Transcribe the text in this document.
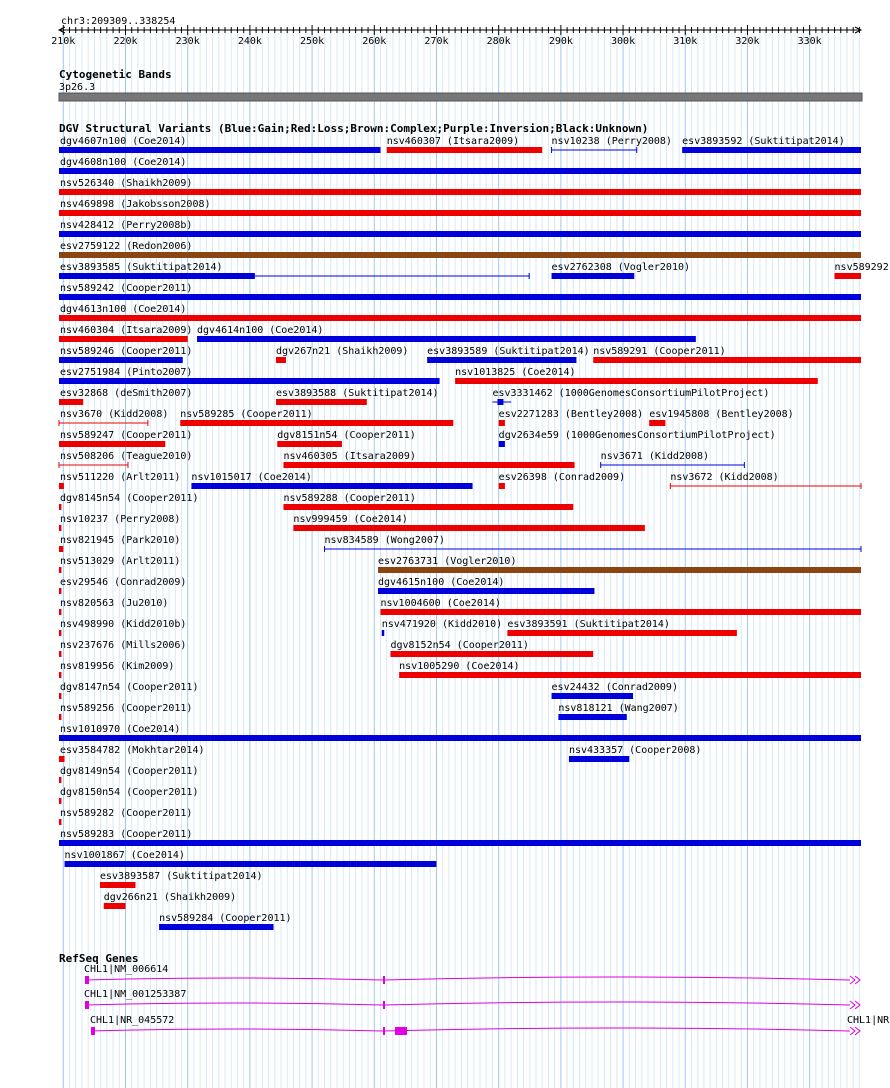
chr3:209309..338254
210k	220k	230k	240k	250k	260k	270k	280k	290k	300k	310k	320k	330k
Cytogenetic Bands
3p26.3
DGV Structural Variants (Blue:Gain;Red:Loss;Brown:Complex;Purple:Inversion;Black:Unknown)
dgv4607n100 (Coe2014)	nsv460307 (Itsara2009)	nsv10238 (Perry2008) esv3893592 (Suktitipat2014)
dgv4608n100 (Coe2014)
nsv526340 (Shaikh2009)
nsv469898 (Jakobsson2008)
nsv428412 (Perry2008b)
esv2759122 (Redon2006)
esv3893585 (Suktitipat2014)	esv2762308 (Vogler2010)	nsv589292
nsv589242 (Cooper2011)
dgv4613n100 (Coe2014)
nsv460304 (Itsara2009) dgv4614n100 (Coe2014)
nsv589246 (Cooper2011)	dgv267n21 (Shaikh2009) esv3893589 (Suktitipat2014) nsv589291 (Cooper2011)
esv2751984 (Pinto2007)	nsv1013825 (Coe2014)
esv32868 (deSmith2007)	esv3893588 (Suktitipat2014)	esv3331462 (1000GenomesConsortiumPilotProject)
nsv3670 (Kidd2008) nsv589285 (Cooper2011)	esv2271283 (Bentley2008) esv1945808 (Bentley2008)
nsv589247 (Cooper2011)	dgv8151n54 (Cooper2011)	dgv2634e59 (1000GenomesConsortiumPilotProject)
nsv508206 (Teague2010)	nsv460305 (Itsara2009)	nsv3671 (Kidd2008)
nsv511220 (Arlt2011) nsv1015017 (Coe2014)	esv26398 (Conrad2009)	nsv3672 (Kidd2008)
dgv8145n54 (Cooper2011)	nsv589288 (Cooper2011)
nsv10237 (Perry2008)	nsv999459 (Coe2014)
nsv821945 (Park2010)	nsv834589 (Wong2007)
nsv513029 (Arlt2011)	esv2763731 (Vogler2010)
esv29546 (Conrad2009)	dgv4615n100 (Coe2014)
nsv820563 (Ju2010)	nsv1004600 (Coe2014)
nsv498990 (Kidd2010b)	nsv471920 (Kidd2010) esv3893591 (Suktitipat2014)
nsv237676 (Mills2006)	dgv8152n54 (Cooper2011)
nsv819956 (Kim2009)	nsv1005290 (Coe2014)
dgv8147n54 (Cooper2011)	esv24432 (Conrad2009)
nsv589256 (Cooper2011)	nsv818121 (Wang2007)
nsv1010970 (Coe2014)
esv3584782 (Mokhtar2014)	nsv433357 (Cooper2008)
dgv8149n54 (Cooper2011)
dgv8150n54 (Cooper2011)
nsv589282 (Cooper2011)
nsv589283 (Cooper2011)
nsv1001867 (Coe2014)
esv3893587 (Suktitipat2014)
dgv266n21 (Shaikh2009)
nsv589284 (Cooper2011)
RefSeq Genes
CHL1|NM_006614
CHL1|NM_001253387
CHL1|NR_045572	CHL1|NR
